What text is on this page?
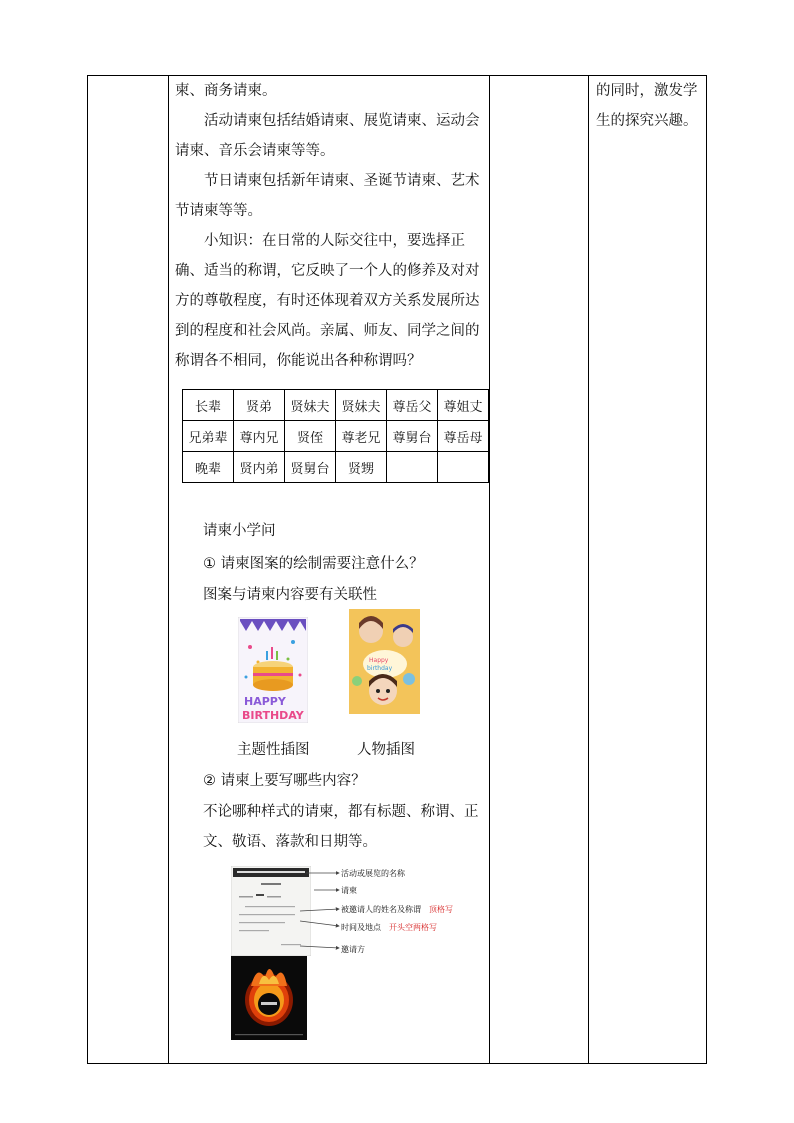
柬、商务请柬。

活动请柬包括结婚请柬、展览请柬、运动会请柬、音乐会请柬等等。

节日请柬包括新年请柬、圣诞节请柬、艺术节请柬等等。

小知识：在日常的人际交往中，要选择正确、适当的称谓，它反映了一个人的修养及对对方的尊敬程度，有时还体现着双方关系发展所达到的程度和社会风尚。亲属、师友、同学之间的称谓各不相同，你能说出各种称谓吗？

长辈	贤弟	贤妹夫	贤妹夫	尊岳父	尊姐丈
兄弟辈	尊内兄	贤侄	尊老兄	尊舅台	尊岳母
晚辈	贤内弟	贤舅台	贤甥		
请柬小学问
① 请柬图案的绘制需要注意什么？
图案与请柬内容要有关联性
HAPPY
BIRTHDAY
Happy
birthday
主题性插图	人物插图
② 请柬上要写哪些内容？
不论哪种样式的请柬，都有标题、称谓、正文、敬语、落款和日期等。
活动或展览的名称
请柬
被邀请人的姓名及称谓 顶格写
时间及地点 开头空两格写
邀请方
的同时，激发学生的探究兴趣。
